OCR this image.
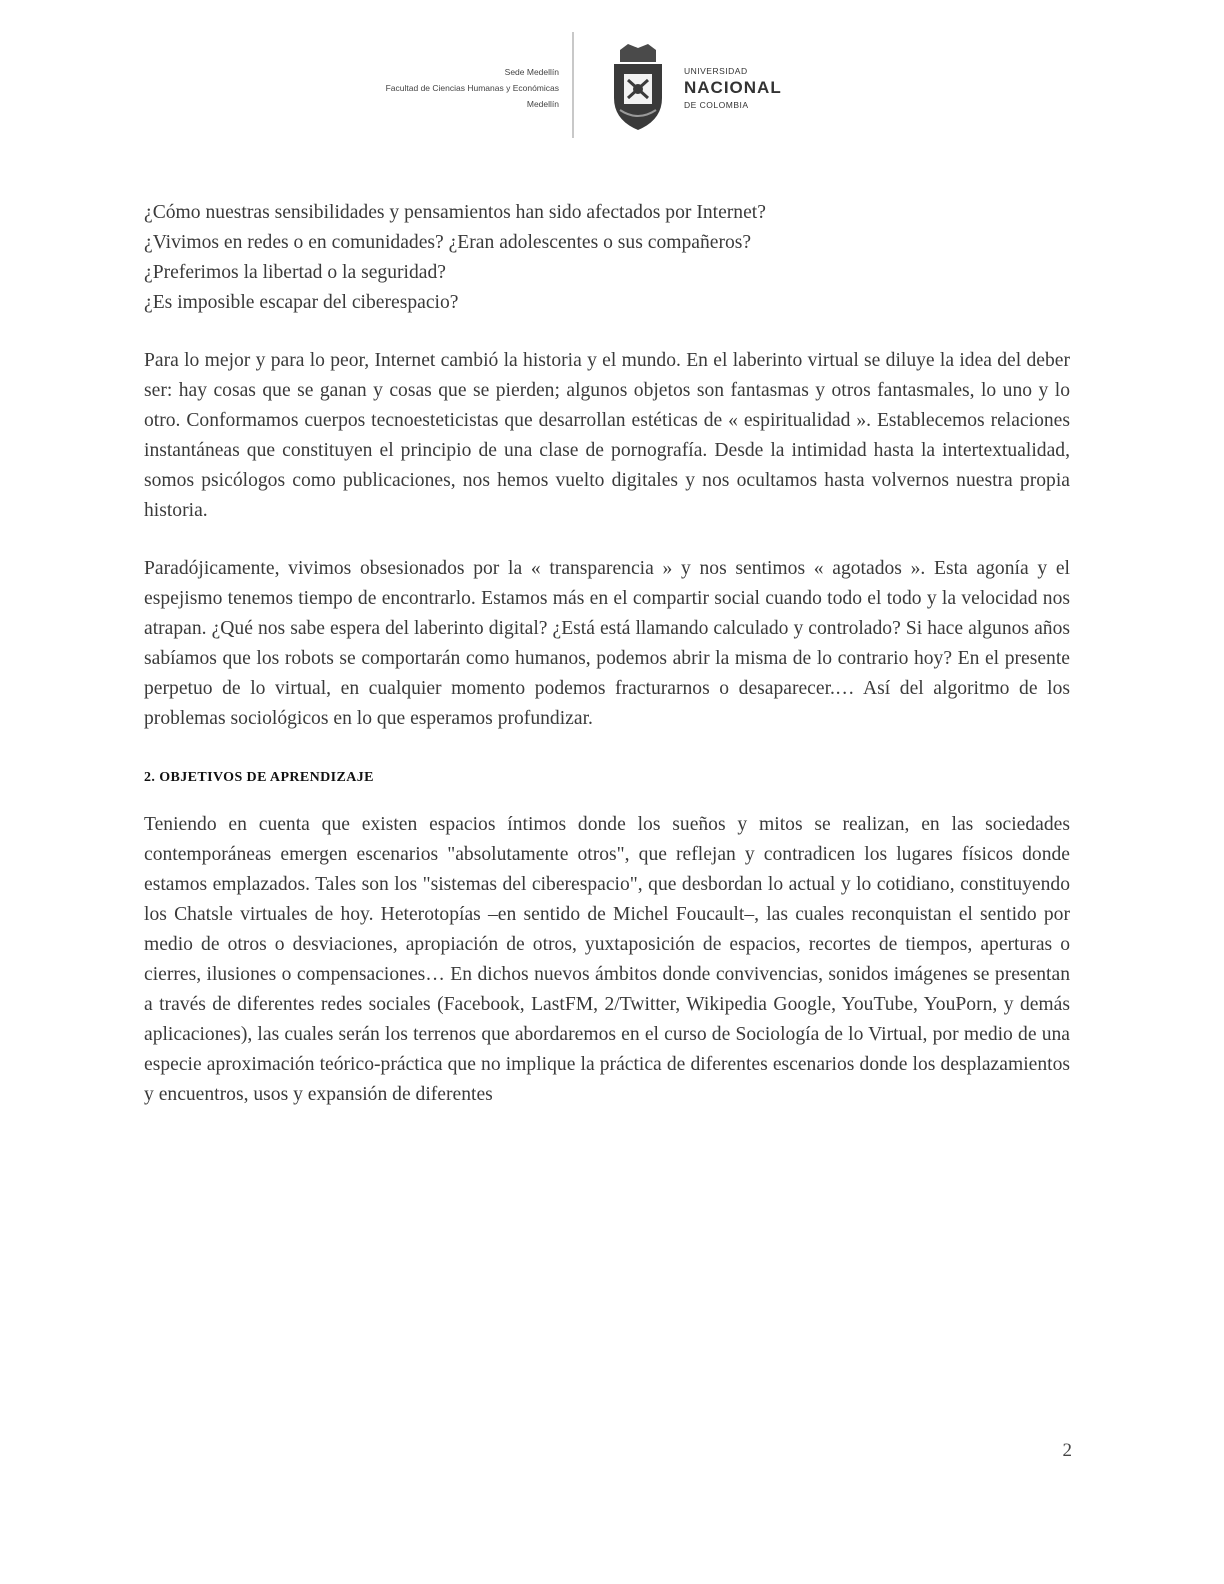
Sede Medellín
Facultad de Ciencias Humanas y Económicas
Medellín
UNIVERSIDAD
NACIONAL
DE COLOMBIA
¿Cómo nuestras sensibilidades y pensamientos han sido afectados por Internet?
¿Vivimos en redes o en comunidades? ¿Eran adolescentes o sus compañeros?
¿Preferimos la libertad o la seguridad?
¿Es imposible escapar del ciberespacio?

Para lo mejor y para lo peor, Internet cambió la historia y el mundo. En el laberinto virtual se diluye la idea del deber ser: hay cosas que se ganan y cosas que se pierden; algunos objetos son fantasmas y otros fantasmales, lo uno y lo otro. Conformamos cuerpos tecnoesteticistas que desarrollan estéticas de « espiritualidad ». Establecemos relaciones instantáneas que constituyen el principio de una clase de pornografía. Desde la intimidad hasta la intertextualidad, somos psicólogos como publicaciones, nos hemos vuelto digitales y nos ocultamos hasta volvernos nuestra propia historia.

Paradójicamente, vivimos obsesionados por la « transparencia » y nos sentimos « agotados ». Esta agonía y el espejismo tenemos tiempo de encontrarlo. Estamos más en el compartir social cuando todo el todo y la velocidad nos atrapan. ¿Qué nos sabe espera del laberinto digital? ¿Está está llamando calculado y controlado? Si hace algunos años sabíamos que los robots se comportarán como humanos, podemos abrir la misma de lo contrario hoy? En el presente perpetuo de lo virtual, en cualquier momento podemos fracturarnos o desaparecer.… Así del algoritmo de los problemas sociológicos en lo que esperamos profundizar.

2. OBJETIVOS DE APRENDIZAJE

Teniendo en cuenta que existen espacios íntimos donde los sueños y mitos se realizan, en las sociedades contemporáneas emergen escenarios "absolutamente otros", que reflejan y contradicen los lugares físicos donde estamos emplazados. Tales son los "sistemas del ciberespacio", que desbordan lo actual y lo cotidiano, constituyendo los Chatsle virtuales de hoy. Heterotopías –en sentido de Michel Foucault–, las cuales reconquistan el sentido por medio de otros o desviaciones, apropiación de otros, yuxtaposición de espacios, recortes de tiempos, aperturas o cierres, ilusiones o compensaciones… En dichos nuevos ámbitos donde convivencias, sonidos imágenes se presentan a través de diferentes redes sociales (Facebook, LastFM, 2/Twitter, Wikipedia Google, YouTube, YouPorn, y demás aplicaciones), las cuales serán los terrenos que abordaremos en el curso de Sociología de lo Virtual, por medio de una especie aproximación teórico-práctica que no implique la práctica de diferentes escenarios donde los desplazamientos y encuentros, usos y expansión de diferentes

2
